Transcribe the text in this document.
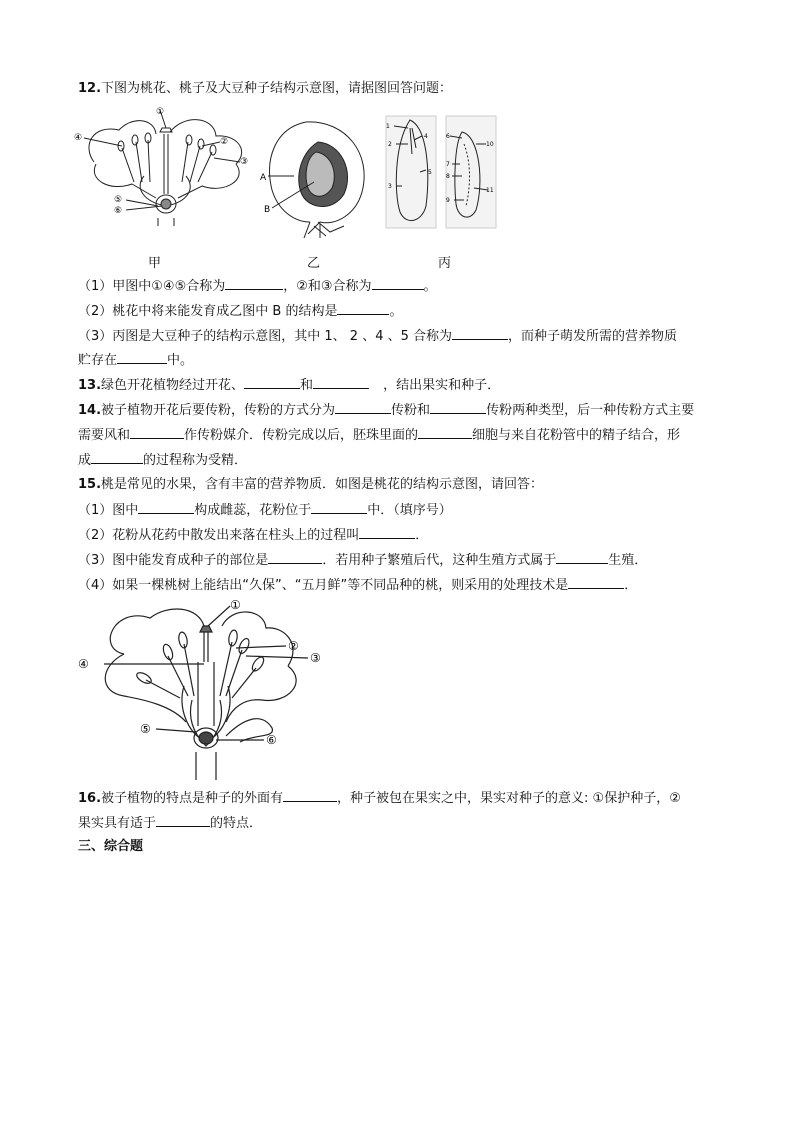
12.下图为桃花、桃子及大豆种子结构示意图，请据图回答问题：
①
④	②
③
⑤
⑥
A
B
1
2
3
4
5
6
7
8
9
10
11
甲	乙	丙
（1）甲图中①④⑤合称为	，②和③合称为	。
（2）桃花中将来能发育成乙图中 B 的结构是	。
（3）丙图是大豆种子的结构示意图，其中 1、 2 、4 、5 合称为	，而种子萌发所需的营养物质
贮存在	中。
13.绿色开花植物经过开花、	和	，结出果实和种子．
14.被子植物开花后要传粉，传粉的方式分为	传粉和	传粉两种类型，后一种传粉方式主要
需要风和	作传粉媒介．传粉完成以后，胚珠里面的	细胞与来自花粉管中的精子结合，形
成	的过程称为受精．
15.桃是常见的水果，含有丰富的营养物质．如图是桃花的结构示意图，请回答：
（1）图中	构成雌蕊，花粉位于	中．（填序号）
（2）花粉从花药中散发出来落在柱头上的过程叫	．
（3）图中能发育成种子的部位是	．若用种子繁殖后代，这种生殖方式属于	生殖．
（4）如果一棵桃树上能结出“久保”、“五月鲜”等不同品种的桃，则采用的处理技术是	．
①
②
③
④
⑤
⑥
16.被子植物的特点是种子的外面有	，种子被包在果实之中，果实对种子的意义: ①保护种子，②
果实具有适于	的特点．
三、综合题
